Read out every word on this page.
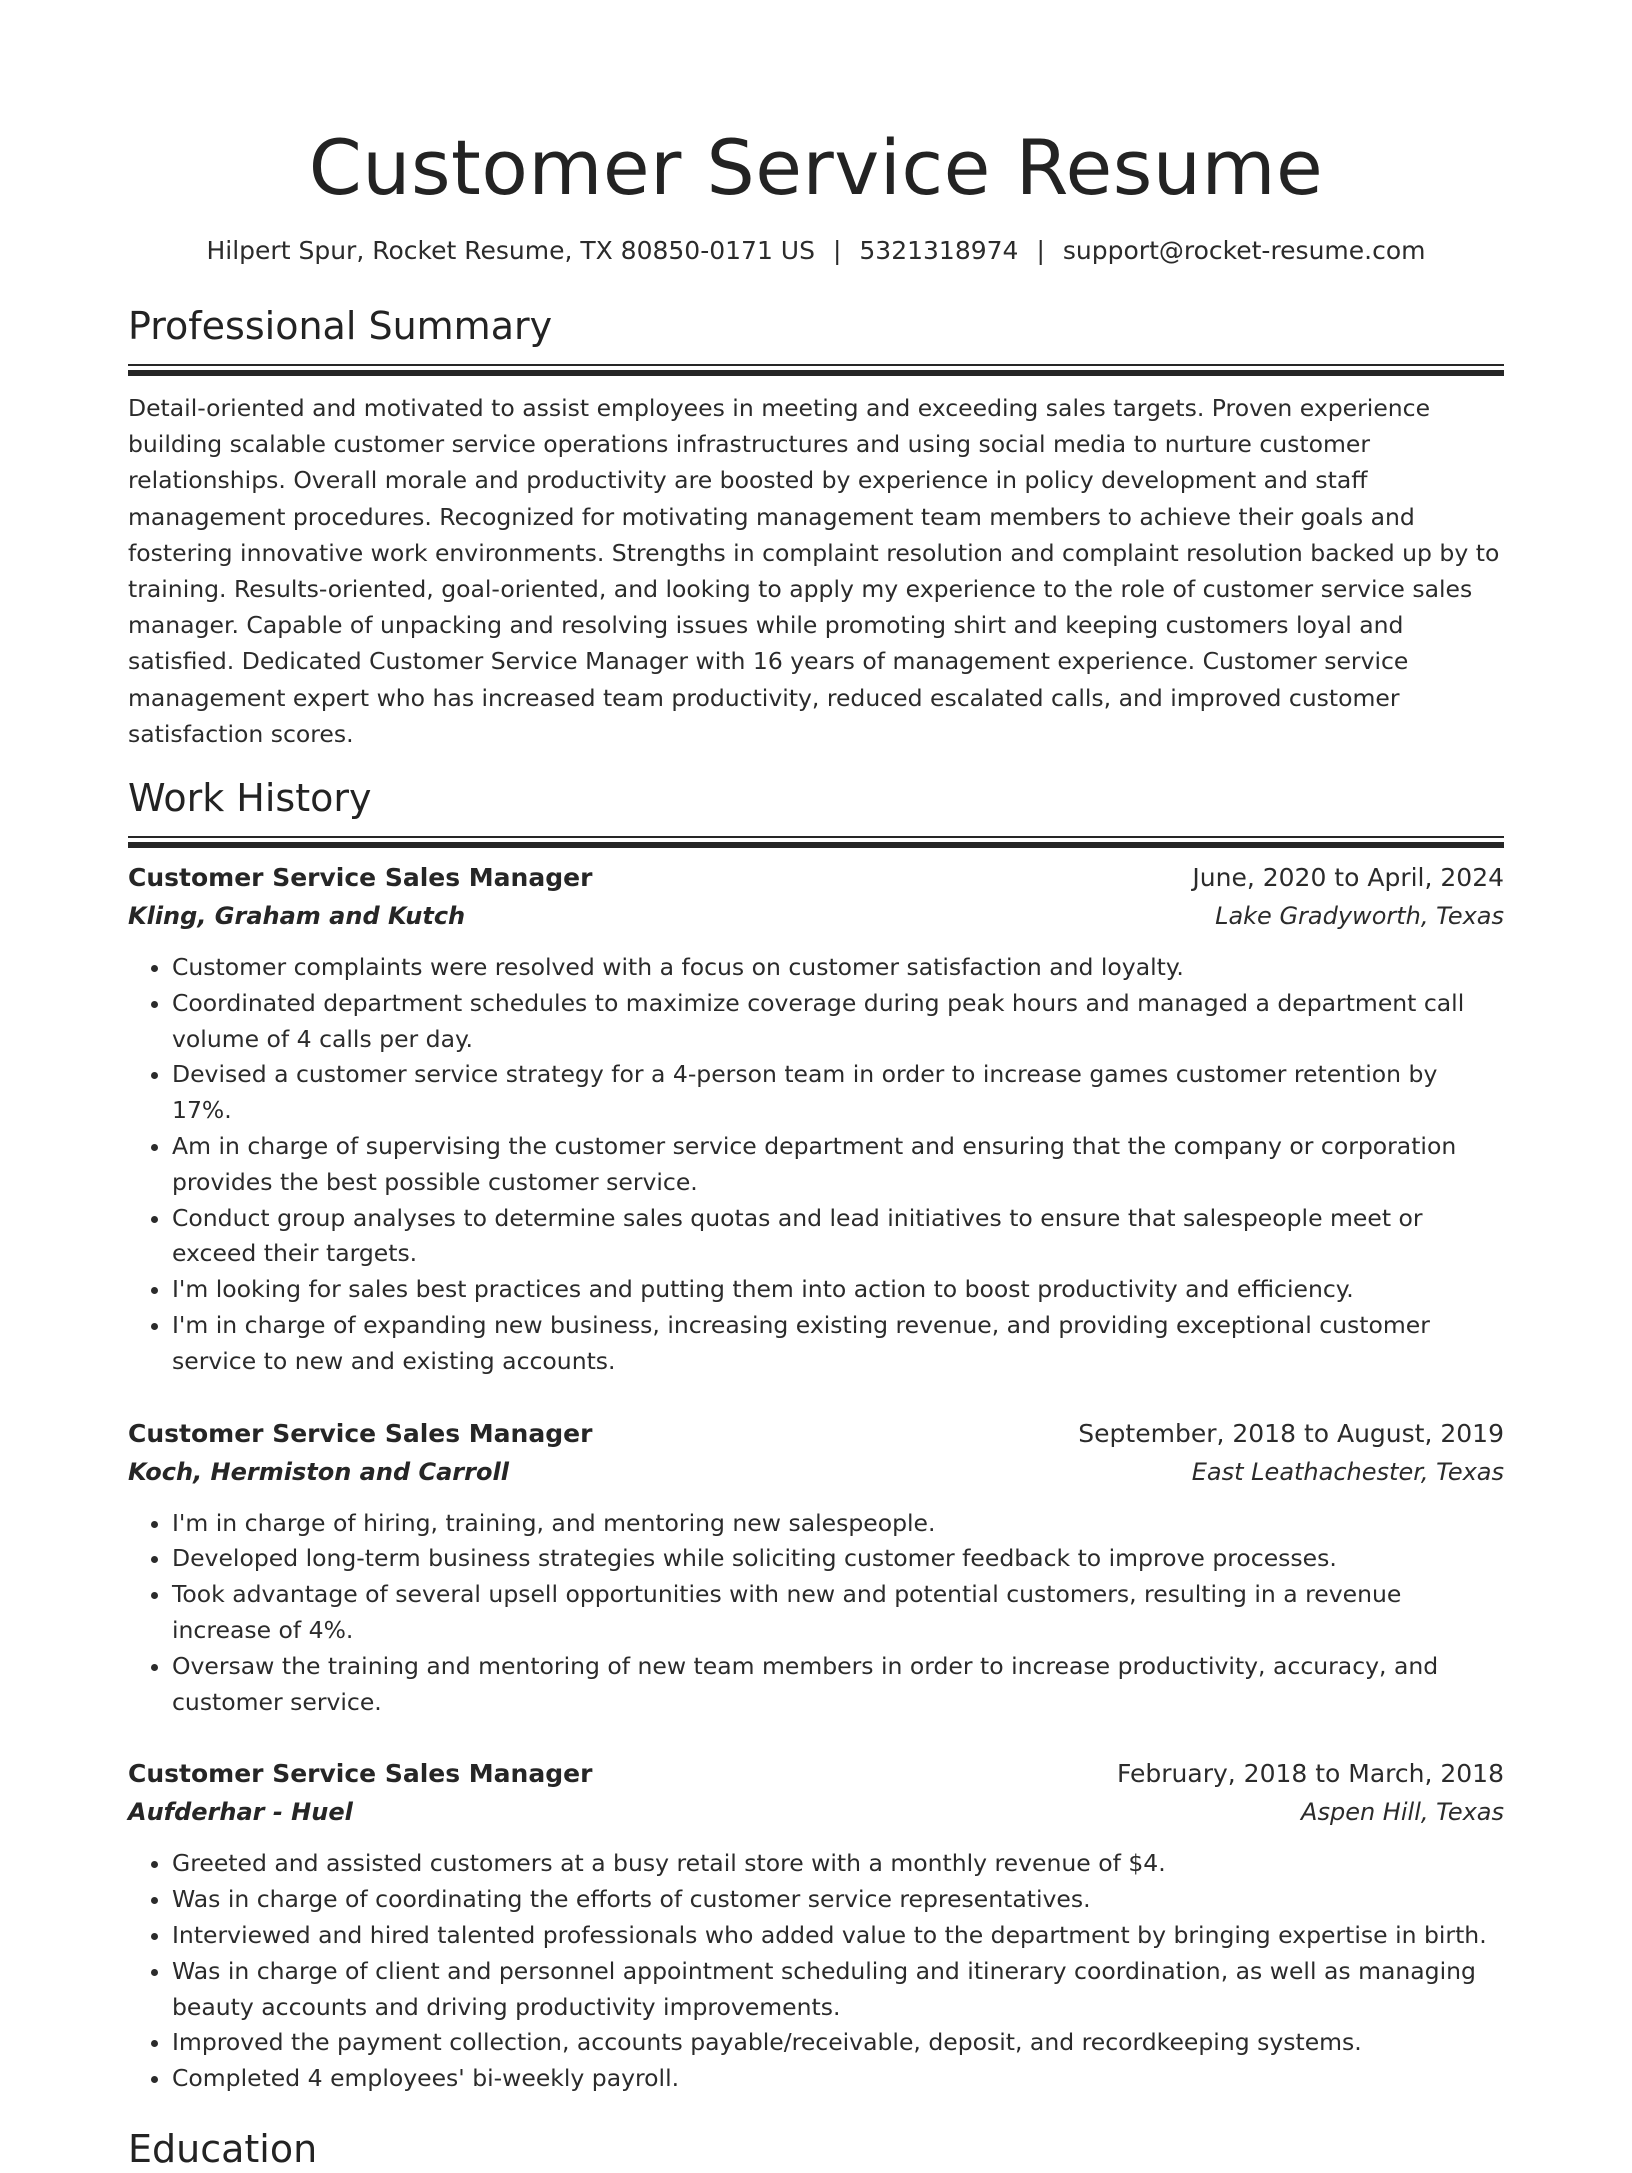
Customer Service Resume
Hilpert Spur, Rocket Resume, TX 80850-0171 US | 5321318974 | support@rocket-resume.com
Professional Summary

Detail-oriented and motivated to assist employees in meeting and exceeding sales targets. Proven experience building scalable customer service operations infrastructures and using social media to nurture customer relationships. Overall morale and productivity are boosted by experience in policy development and staff management procedures. Recognized for motivating management team members to achieve their goals and fostering innovative work environments. Strengths in complaint resolution and complaint resolution backed up by to training. Results-oriented, goal-oriented, and looking to apply my experience to the role of customer service sales manager. Capable of unpacking and resolving issues while promoting shirt and keeping customers loyal and satisfied. Dedicated Customer Service Manager with 16 years of management experience. Customer service management expert who has increased team productivity, reduced escalated calls, and improved customer satisfaction scores.

Work History
Customer Service Sales Manager	June, 2020 to April, 2024
Kling, Graham and Kutch	Lake Gradyworth, Texas
• Customer complaints were resolved with a focus on customer satisfaction and loyalty.
• Coordinated department schedules to maximize coverage during peak hours and managed a department call volume of 4 calls per day.
• Devised a customer service strategy for a 4-person team in order to increase games customer retention by 17%.
• Am in charge of supervising the customer service department and ensuring that the company or corporation provides the best possible customer service.
• Conduct group analyses to determine sales quotas and lead initiatives to ensure that salespeople meet or exceed their targets.
• I'm looking for sales best practices and putting them into action to boost productivity and efficiency.
• I'm in charge of expanding new business, increasing existing revenue, and providing exceptional customer service to new and existing accounts.
Customer Service Sales Manager	September, 2018 to August, 2019
Koch, Hermiston and Carroll	East Leathachester, Texas
• I'm in charge of hiring, training, and mentoring new salespeople.
• Developed long-term business strategies while soliciting customer feedback to improve processes.
• Took advantage of several upsell opportunities with new and potential customers, resulting in a revenue increase of 4%.
• Oversaw the training and mentoring of new team members in order to increase productivity, accuracy, and customer service.
Customer Service Sales Manager	February, 2018 to March, 2018
Aufderhar - Huel	Aspen Hill, Texas
• Greeted and assisted customers at a busy retail store with a monthly revenue of $4.
• Was in charge of coordinating the efforts of customer service representatives.
• Interviewed and hired talented professionals who added value to the department by bringing expertise in birth.
• Was in charge of client and personnel appointment scheduling and itinerary coordination, as well as managing beauty accounts and driving productivity improvements.
• Improved the payment collection, accounts payable/receivable, deposit, and recordkeeping systems.
• Completed 4 employees' bi-weekly payroll.
Education
